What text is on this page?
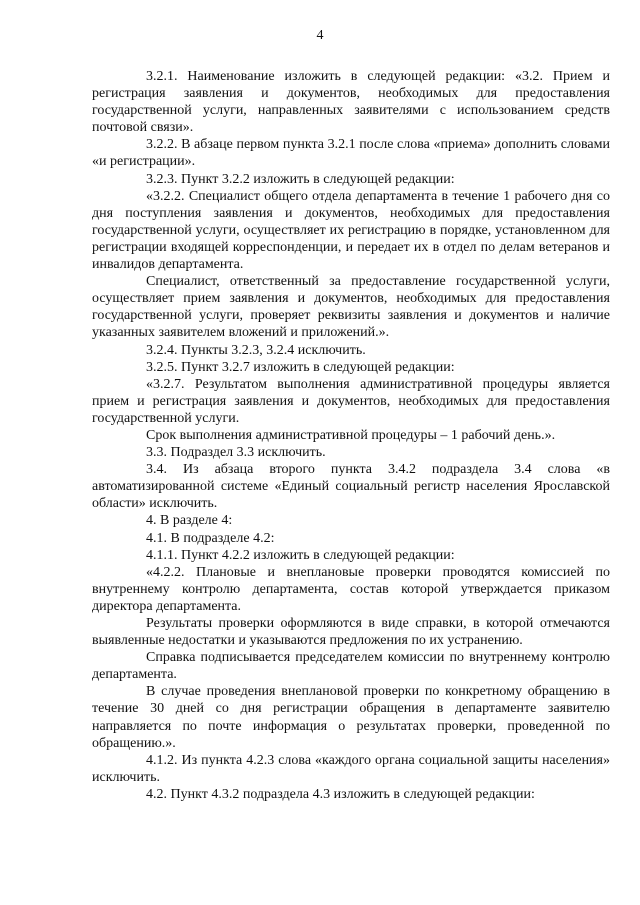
4

3.2.1. Наименование изложить в следующей редакции: «3.2. Прием и регистрация заявления и документов, необходимых для предоставления государственной услуги, направленных заявителями с использованием средств почтовой связи».

3.2.2. В абзаце первом пункта 3.2.1 после слова «приема» дополнить словами «и регистрации».

3.2.3. Пункт 3.2.2 изложить в следующей редакции:

«3.2.2. Специалист общего отдела департамента в течение 1 рабочего дня со дня поступления заявления и документов, необходимых для предоставления государственной услуги, осуществляет их регистрацию в порядке, установленном для регистрации входящей корреспонденции, и передает их в отдел по делам ветеранов и инвалидов департамента.

Специалист, ответственный за предоставление государственной услуги, осуществляет прием заявления и документов, необходимых для предоставления государственной услуги, проверяет реквизиты заявления и документов и наличие указанных заявителем вложений и приложений.».

3.2.4. Пункты 3.2.3, 3.2.4 исключить.

3.2.5. Пункт 3.2.7 изложить в следующей редакции:

«3.2.7. Результатом выполнения административной процедуры является прием и регистрация заявления и документов, необходимых для предоставления государственной услуги.

Срок выполнения административной процедуры – 1 рабочий день.».

3.3. Подраздел 3.3 исключить.

3.4. Из абзаца второго пункта 3.4.2 подраздела 3.4 слова «в автоматизированной системе «Единый социальный регистр населения Ярославской области» исключить.

4. В разделе 4:

4.1. В подразделе 4.2:

4.1.1. Пункт 4.2.2 изложить в следующей редакции:

«4.2.2. Плановые и внеплановые проверки проводятся комиссией по внутреннему контролю департамента, состав которой утверждается приказом директора департамента.

Результаты проверки оформляются в виде справки, в которой отмечаются выявленные недостатки и указываются предложения по их устранению.

Справка подписывается председателем комиссии по внутреннему контролю департамента.

В случае проведения внеплановой проверки по конкретному обращению в течение 30 дней со дня регистрации обращения в департаменте заявителю направляется по почте информация о результатах проверки, проведенной по обращению.».

4.1.2. Из пункта 4.2.3 слова «каждого органа социальной защиты населения» исключить.

4.2. Пункт 4.3.2 подраздела 4.3 изложить в следующей редакции:
